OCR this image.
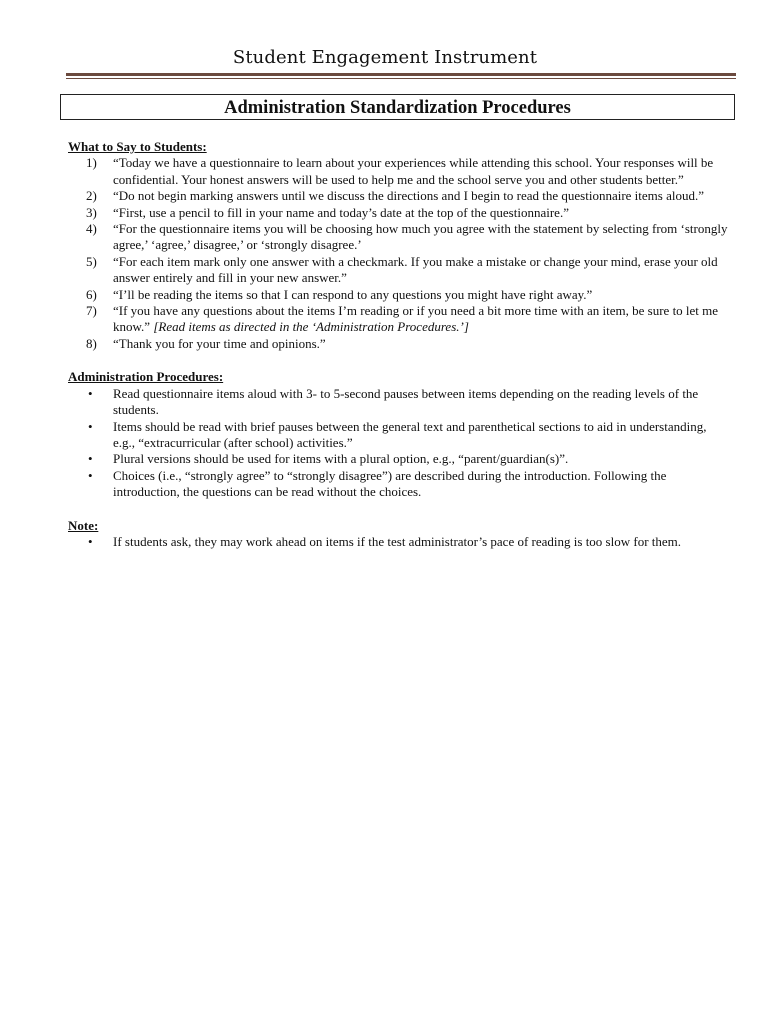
Student Engagement Instrument
Administration Standardization Procedures

What to Say to Students:

1)	“Today we have a questionnaire to learn about your experiences while attending this school. Your responses will be confidential. Your honest answers will be used to help me and the school serve you and other students better.”
2)	“Do not begin marking answers until we discuss the directions and I begin to read the questionnaire items aloud.”
3)	“First, use a pencil to fill in your name and today’s date at the top of the questionnaire.”
4)	“For the questionnaire items you will be choosing how much you agree with the statement by selecting from ‘strongly agree,’ ‘agree,’ disagree,’ or ‘strongly disagree.’
5)	“For each item mark only one answer with a checkmark. If you make a mistake or change your mind, erase your old answer entirely and fill in your new answer.”
6)	“I’ll be reading the items so that I can respond to any questions you might have right away.”
7)	“If you have any questions about the items I’m reading or if you need a bit more time with an item, be sure to let me know.” [Read items as directed in the ‘Administration Procedures.’]
8)	“Thank you for your time and opinions.”

Administration Procedures:

•	Read questionnaire items aloud with 3- to 5-second pauses between items depending on the reading levels of the students.
•	Items should be read with brief pauses between the general text and parenthetical sections to aid in understanding, e.g., “extracurricular (after school) activities.”
•	Plural versions should be used for items with a plural option, e.g., “parent/guardian(s)”.
•	Choices (i.e., “strongly agree” to “strongly disagree”) are described during the introduction. Following the introduction, the questions can be read without the choices.

Note:

•	If students ask, they may work ahead on items if the test administrator’s pace of reading is too slow for them.
